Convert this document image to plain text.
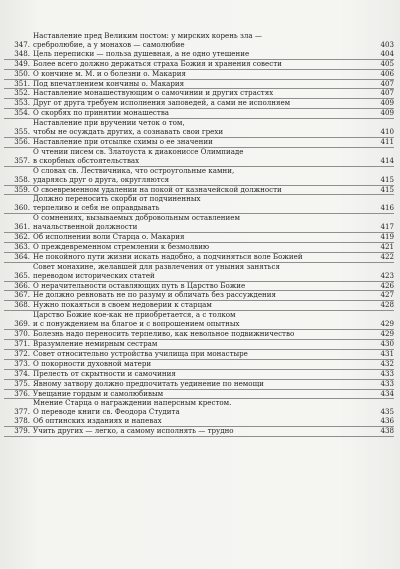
347.
Наставление пред Великим постом: у мирских корень зла —
сребролюбие, а у монахов — самолюбие	403
348. Цель переписки — польза душевная, а не одно утешение	404
349. Более всего должно держаться страха Божия и хранения совести	405
350. О кончине м. М. и о болезни о. Макария	406
351. Под впечатлением кончины о. Макария	407
352. Наставление монашествующим о самочинии и других страстях	407
353. Друг от друга требуем исполнения заповедей, а сами не исполняем	409
354. О скорбях по принятии монашества	409
355.
Наставление при вручении четок о том,
чтобы не осуждать других, а сознавать свои грехи	410
356. Наставление при отсылке схимы о ее значении	411
357.
О чтении писем св. Златоуста к диакониссе Олимпиаде
в скорбных обстоятельствах	414
358.
О словах св. Лествичника, что остроугольные камни,
ударяясь друг о друга, округляются	415
359. О своевременном удалении на покой от казначейской должности	415
360.
Должно переносить скорби от подчиненных
терпеливо и себя не оправдывать	416
361.
О сомнениях, вызываемых добровольным оставлением
начальственной должности	417
362. Об исполнении воли Старца о. Макария	419
363. О преждевременном стремлении к безмолвию	421
364. Не покойного пути жизни искать надобно, а подчиняться воле Божией	422
365.
Совет монахине, желавшей для развлечения от уныния заняться
переводом исторических статей	423
366. О нерачительности оставляющих путь в Царство Божие	426
367. Не должно ревновать не по разуму и обличать без рассуждения	427
368. Нужно покаяться в своем недоверии к старцам	428
369.
Царство Божие кое-как не приобретается, а с толком
и с понуждением на благое и с вопрошением опытных	429
370. Болезнь надо переносить терпеливо, как невольное подвижничество	429
371. Вразумление немирным сестрам	430
372. Совет относительно устройства училища при монастыре	431
373. О покорности духовной матери	432
374. Прелесть от скрытности и самочиния	433
375. Явному затвору должно предпочитать уединение по немощи	433
376. Увещание гордым и самолюбивым	434
377.
Мнение Старца о награждении наперсным крестом.
О переводе книги св. Феодора Студита	435
378. Об оптинских изданиях и напевах	436
379. Учить других — легко, а самому исполнять — трудно	438
